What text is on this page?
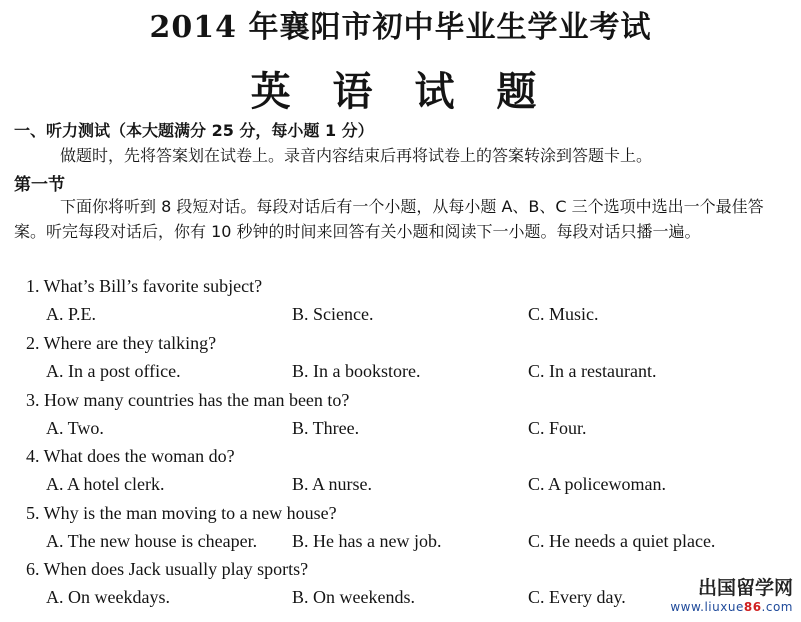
2014 年襄阳市初中毕业生学业考试
英 语 试 题
一、听力测试（本大题满分 25 分，每小题 1 分）
做题时，先将答案划在试卷上。录音内容结束后再将试卷上的答案转涂到答题卡上。
第一节
下面你将听到 8 段短对话。每段对话后有一个小题，从每小题 A、B、C 三个选项中选出一个最佳答案。听完每段对话后，你有 10 秒钟的时间来回答有关小题和阅读下一小题。每段对话只播一遍。
1. What’s Bill’s favorite subject?
A. P.E.	B. Science.	C. Music.
2. Where are they talking?
A. In a post office.	B. In a bookstore.	C. In a restaurant.
3. How many countries has the man been to?
A. Two.	B. Three.	C. Four.
4. What does the woman do?
A. A hotel clerk.	B. A nurse.	C. A policewoman.
5. Why is the man moving to a new house?
A. The new house is cheaper. B. He has a new job.	C. He needs a quiet place.
6. When does Jack usually play sports?
A. On weekdays.	B. On weekends.	C. Every day.	出国留学网
www.liuxue86.com
